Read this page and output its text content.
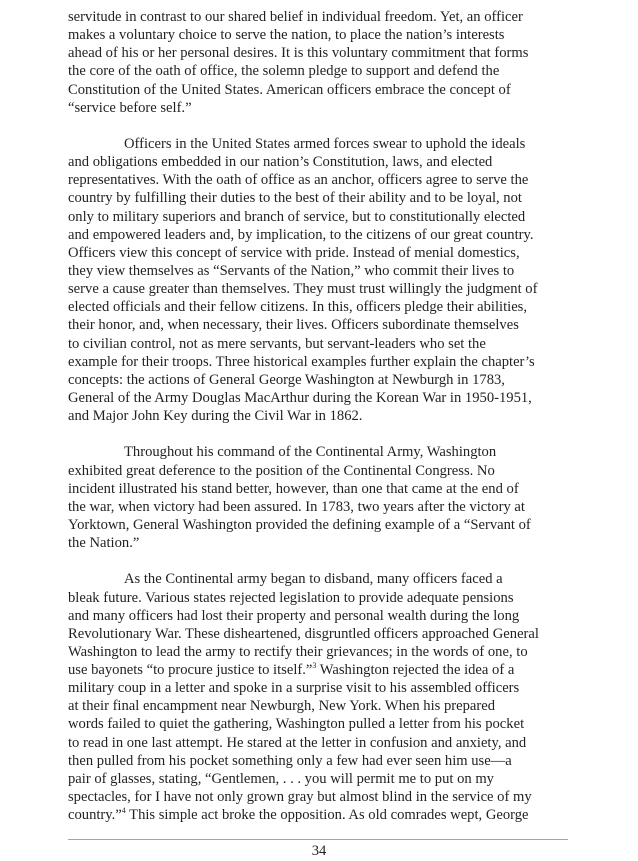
servitude in contrast to our shared belief in individual freedom. Yet, an officer
makes a voluntary choice to serve the nation, to place the nation’s interests
ahead of his or her personal desires. It is this voluntary commitment that forms
the core of the oath of office, the solemn pledge to support and defend the
Constitution of the United States. American officers embrace the concept of
“service before self.”
Officers in the United States armed forces swear to uphold the ideals
and obligations embedded in our nation’s Constitution, laws, and elected
representatives. With the oath of office as an anchor, officers agree to serve the
country by fulfilling their duties to the best of their ability and to be loyal, not
only to military superiors and branch of service, but to constitutionally elected
and empowered leaders and, by implication, to the citizens of our great country.
Officers view this concept of service with pride. Instead of menial domestics,
they view themselves as “Servants of the Nation,” who commit their lives to
serve a cause greater than themselves. They must trust willingly the judgment of
elected officials and their fellow citizens. In this, officers pledge their abilities,
their honor, and, when necessary, their lives. Officers subordinate themselves
to civilian control, not as mere servants, but servant-leaders who set the
example for their troops. Three historical examples further explain the chapter’s
concepts: the actions of General George Washington at Newburgh in 1783,
General of the Army Douglas MacArthur during the Korean War in 1950-1951,
and Major John Key during the Civil War in 1862.
Throughout his command of the Continental Army, Washington
exhibited great deference to the position of the Continental Congress. No
incident illustrated his stand better, however, than one that came at the end of
the war, when victory had been assured. In 1783, two years after the victory at
Yorktown, General Washington provided the defining example of a “Servant of
the Nation.”
As the Continental army began to disband, many officers faced a
bleak future. Various states rejected legislation to provide adequate pensions
and many officers had lost their property and personal wealth during the long
Revolutionary War. These disheartened, disgruntled officers approached General
Washington to lead the army to rectify their grievances; in the words of one, to
use bayonets “to procure justice to itself.”$^3$ Washington rejected the idea of a
military coup in a letter and spoke in a surprise visit to his assembled officers
at their final encampment near Newburgh, New York. When his prepared
words failed to quiet the gathering, Washington pulled a letter from his pocket
to read in one last attempt. He stared at the letter in confusion and anxiety, and
then pulled from his pocket something only a few had ever seen him use—a
pair of glasses, stating, “Gentlemen, . . . you will permit me to put on my
spectacles, for I have not only grown gray but almost blind in the service of my
country.”$^4$ This simple act broke the opposition. As old comrades wept, George
34
